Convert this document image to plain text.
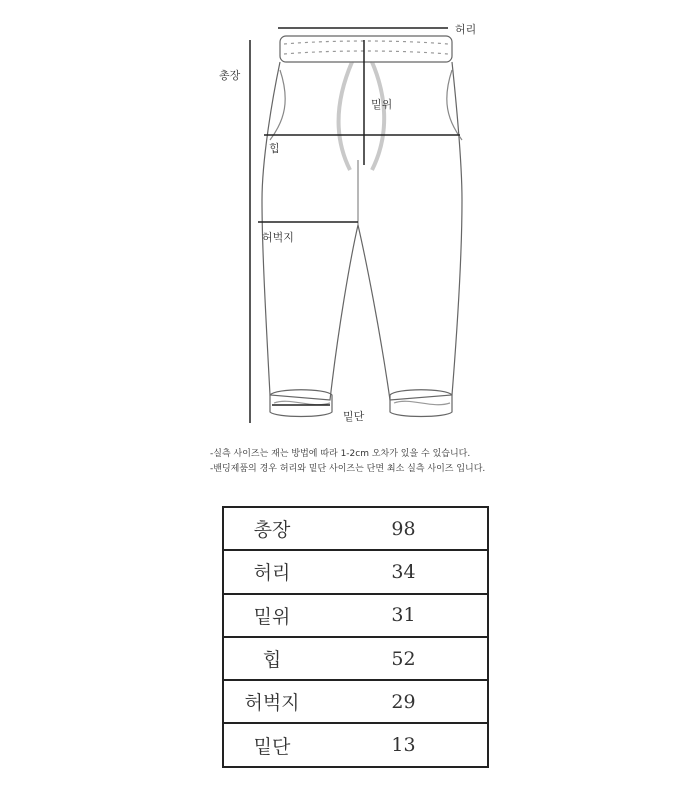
허리
총장
밑위
힙
허벅지
밑단
-실측 사이즈는 재는 방법에 따라 1-2cm 오차가 있을 수 있습니다.
-밴딩제품의 경우 허리와 밑단 사이즈는 단면 최소 실측 사이즈 입니다.
총장	98
허리	34
밑위	31
힙	52
허벅지	29
밑단	13
